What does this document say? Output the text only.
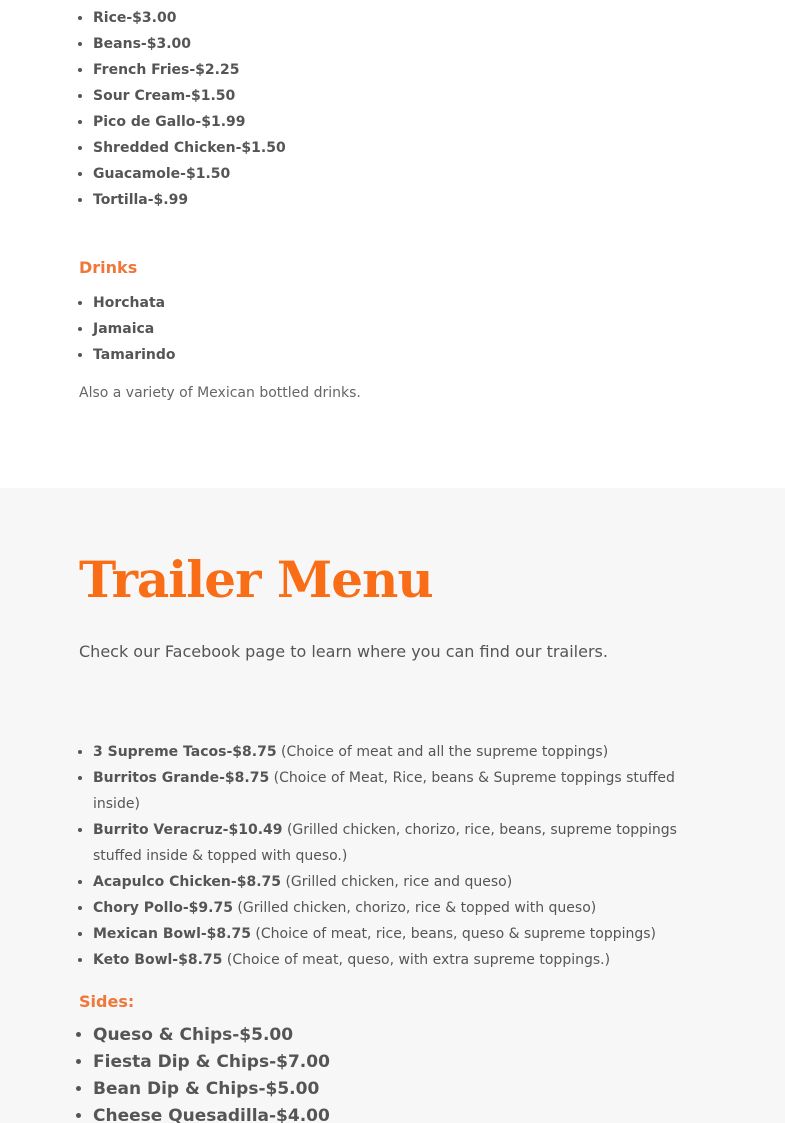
• Rice-$3.00
• Beans-$3.00
• French Fries-$2.25
• Sour Cream-$1.50
• Pico de Gallo-$1.99
• Shredded Chicken-$1.50
• Guacamole-$1.50
• Tortilla-$.99
Drinks
• Horchata
• Jamaica
• Tamarindo

Also a variety of Mexican bottled drinks.

Trailer Menu

Check our Facebook page to learn where you can find our trailers.

• 3 Supreme Tacos-$8.75 (Choice of meat and all the supreme toppings)
• Burritos Grande-$8.75 (Choice of Meat, Rice, beans & Supreme toppings stuffed inside)
• Burrito Veracruz-$10.49 (Grilled chicken, chorizo, rice, beans, supreme toppings stuffed inside & topped with queso.)
• Acapulco Chicken-$8.75 (Grilled chicken, rice and queso)
• Chory Pollo-$9.75 (Grilled chicken, chorizo, rice & topped with queso)
• Mexican Bowl-$8.75 (Choice of meat, rice, beans, queso & supreme toppings)
• Keto Bowl-$8.75 (Choice of meat, queso, with extra supreme toppings.)
Sides:
• Queso & Chips-$5.00
• Fiesta Dip & Chips-$7.00
• Bean Dip & Chips-$5.00
• Cheese Quesadilla-$4.00
